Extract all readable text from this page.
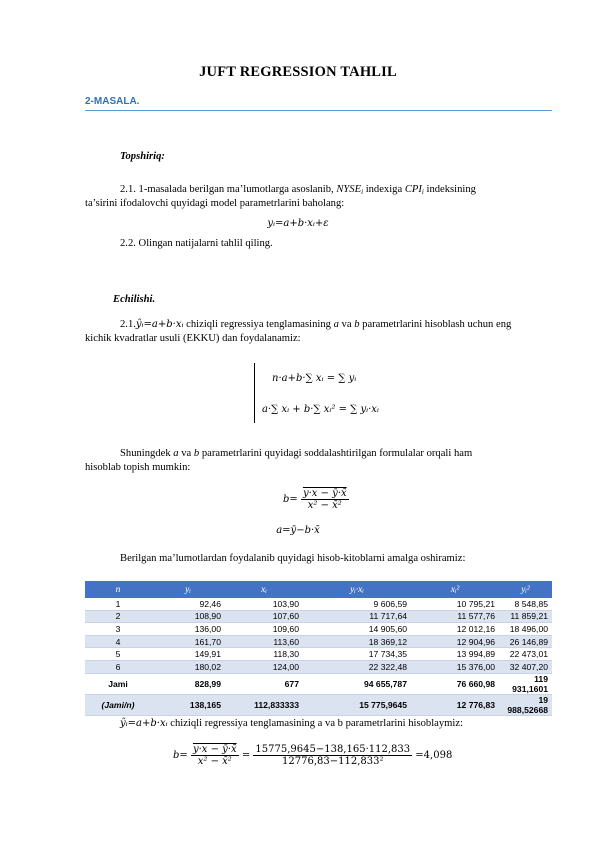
JUFT REGRESSION TAHLIL
2-MASALA.
Topshiriq:
2.1. 1-masalada berilgan ma’lumotlarga asoslanib, $NYSE_i$ indexiga $CPI_i$ indeksining
ta’sirini ifodalovchi quyidagi model parametrlarini baholang:
yᵢ=a+b·xᵢ+ε
2.2. Olingan natijalarni tahlil qiling.
Echilishi.
2.1.ŷᵢ=a+b·xᵢ chiziqli regressiya tenglamasining a va b parametrlarini hisoblash uchun eng
kichik kvadratlar usuli (EKKU) dan foydalanamiz:
n·a+b·∑ xᵢ = ∑ yᵢ
a·∑ xᵢ + b·∑ xᵢ² = ∑ yᵢ·xᵢ
Shuningdek a va b parametrlarini quyidagi soddalashtirilgan formulalar orqali ham
hisoblab topish mumkin:
$b= \frac{y\cdot x - ȳ\cdot x̄}{\text{x² − x̄²}}$
a=ȳ−b·x̄
Berilgan ma’lumotlardan foydalanib quyidagi hisob-kitoblarni amalga oshiramiz:
n	yᵢ	xᵢ	yᵢ·xᵢ	xᵢ²	yᵢ²
1	92,46	103,90	9 606,59	10 795,21	8 548,85
2	108,90	107,60	11 717,64	11 577,76	11 859,21
3	136,00	109,60	14 905,60	12 012,16	18 496,00
4	161,70	113,60	18 369,12	12 904,96	26 146,89
5	149,91	118,30	17 734,35	13 994,89	22 473,01
6	180,02	124,00	22 322,48	15 376,00	32 407,20
Jami	828,99	677	94 655,787	76 660,98	119 931,1601
(Jami/n)	138,165	112,833333	15 775,9645	12 776,83	19 988,52668
ŷᵢ=a+b·xᵢ chiziqli regressiya tenglamasining a va b parametrlarini hisoblaymiz:
$b= \frac{y\cdot x - ȳ\cdot x̄}{\text{x² − x̄²}} = \frac{15775,9645-138,165\cdot 112,833}{\text{12776,83−112,833²}} =4,098$
